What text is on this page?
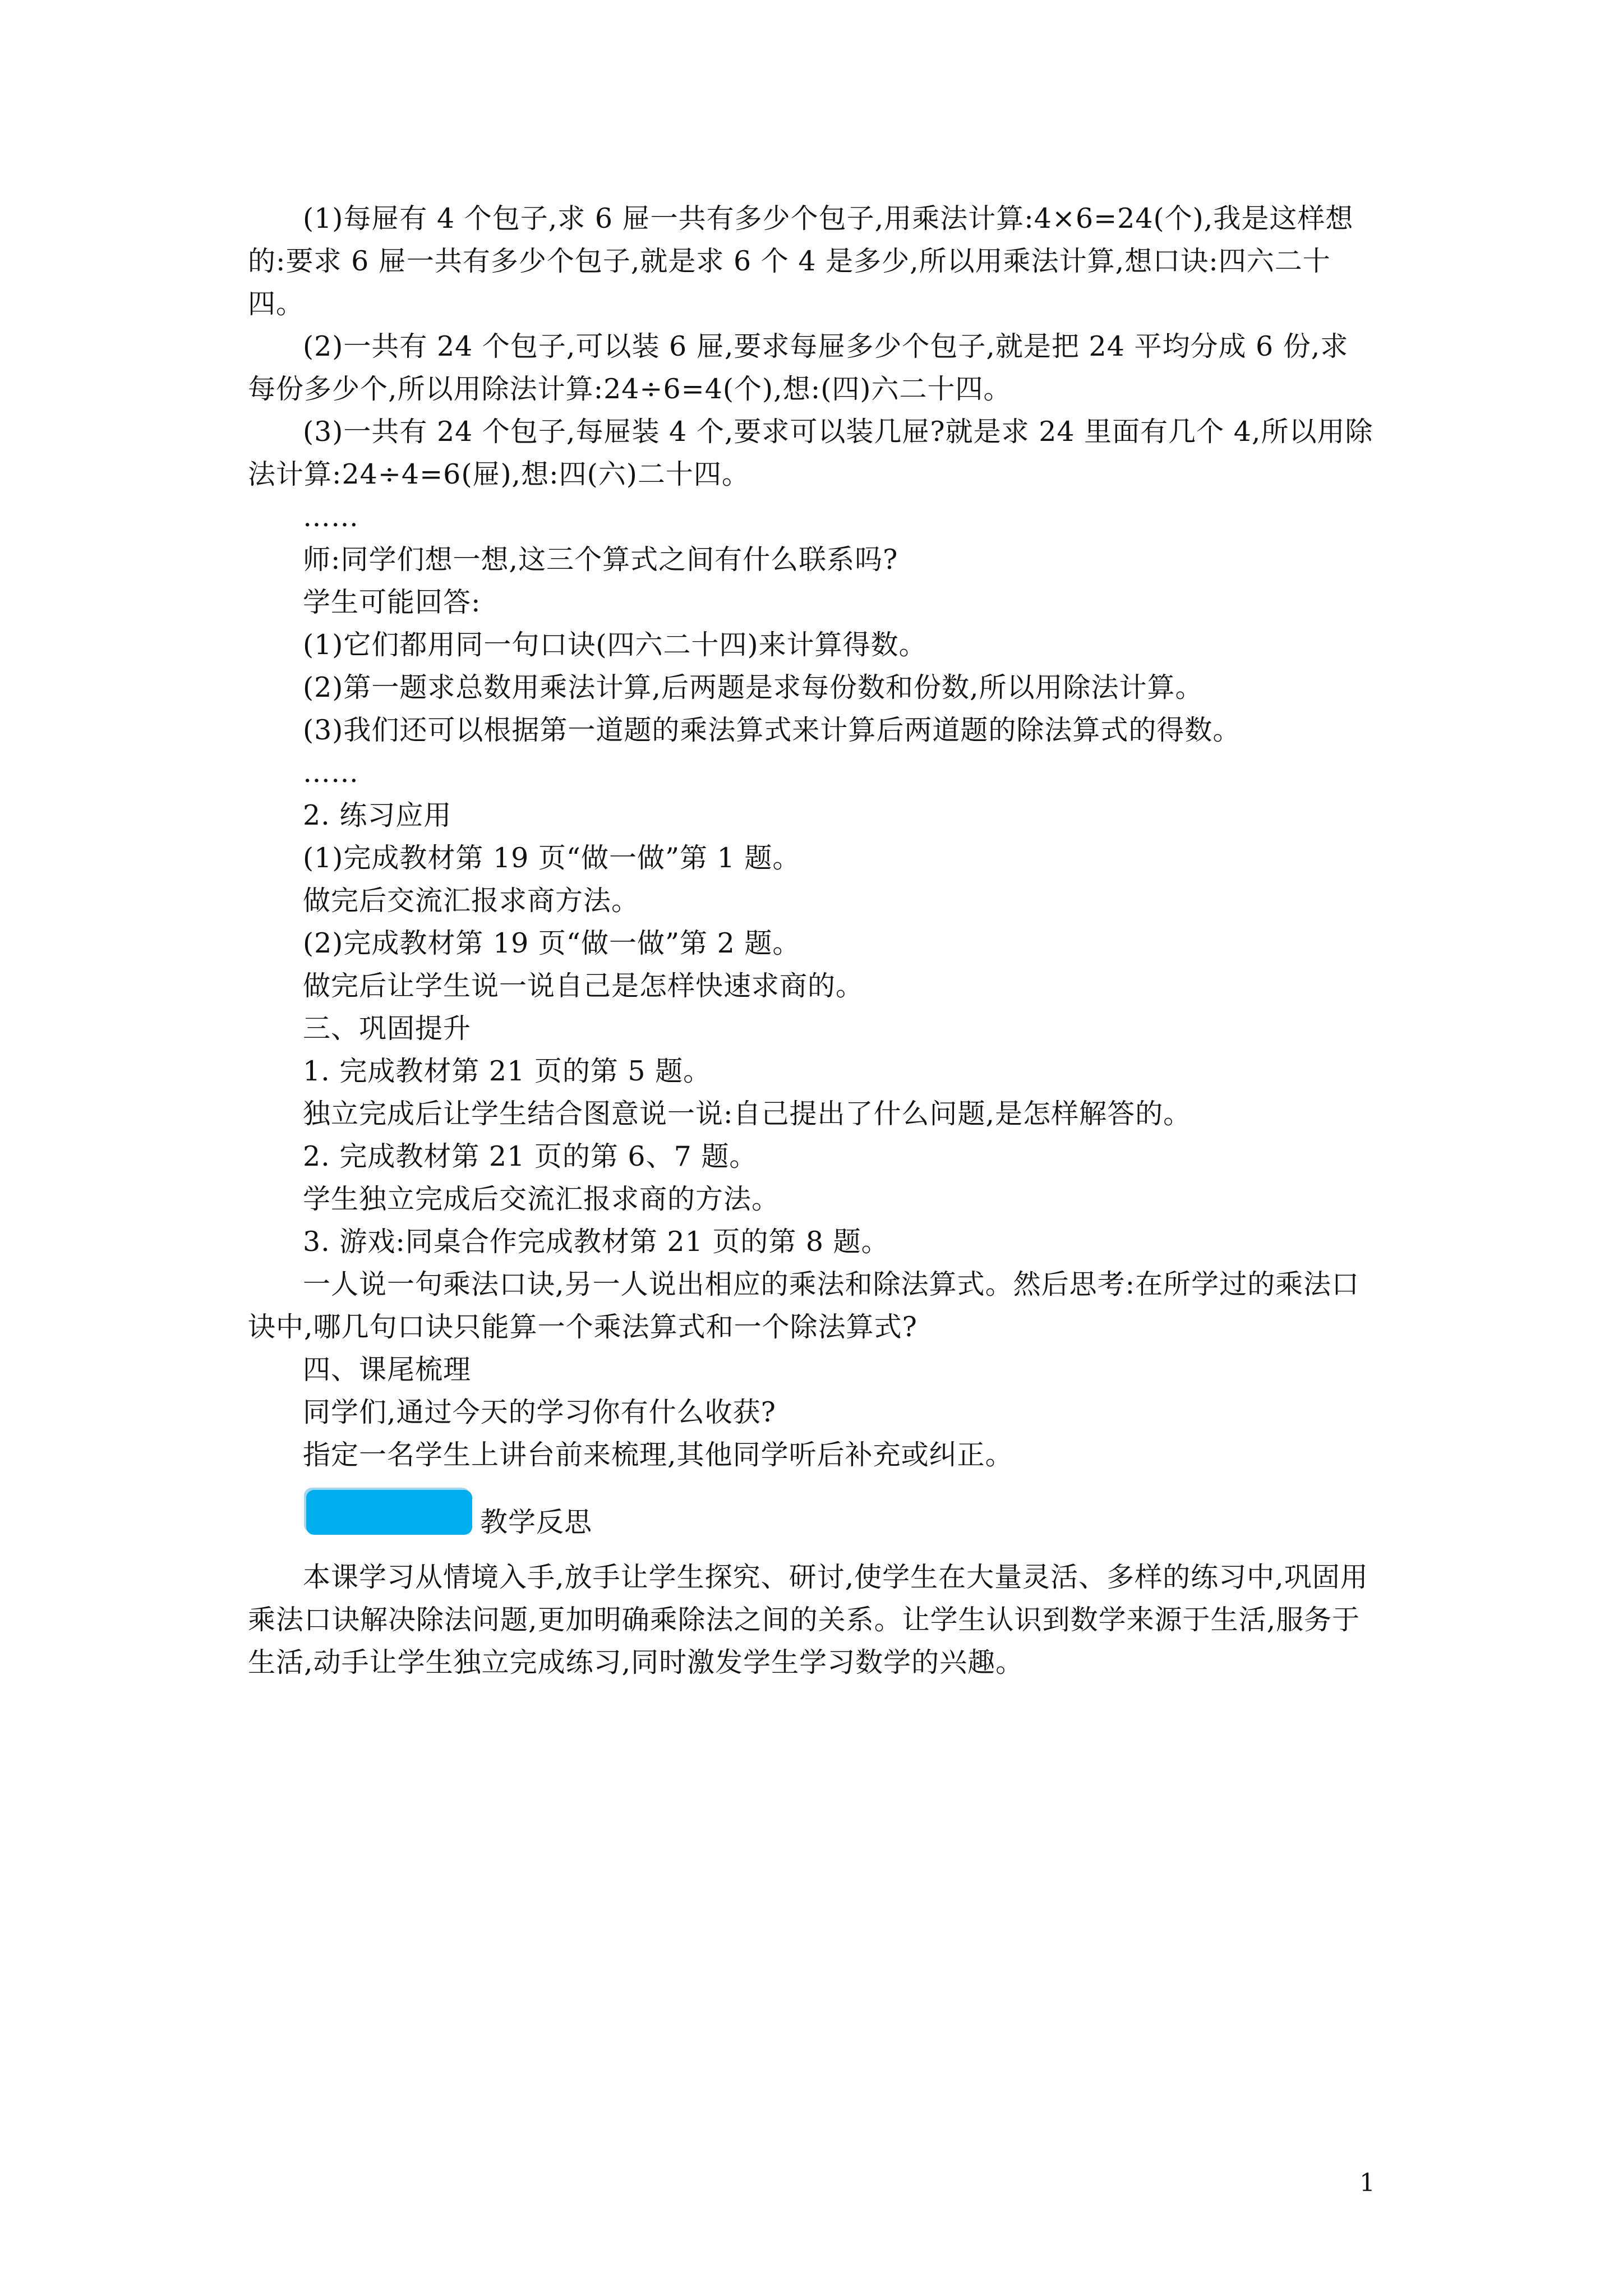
(1)每屉有 4 个包子,求 6 屉一共有多少个包子,用乘法计算:4×6=24(个),我是这样想的:要求 6 屉一共有多少个包子,就是求 6 个 4 是多少,所以用乘法计算,想口诀:四六二十四。

(2)一共有 24 个包子,可以装 6 屉,要求每屉多少个包子,就是把 24 平均分成 6 份,求每份多少个,所以用除法计算:24÷6=4(个),想:(四)六二十四。

(3)一共有 24 个包子,每屉装 4 个,要求可以装几屉?就是求 24 里面有几个 4,所以用除法计算:24÷4=6(屉),想:四(六)二十四。

……

师:同学们想一想,这三个算式之间有什么联系吗?

学生可能回答:

(1)它们都用同一句口诀(四六二十四)来计算得数。

(2)第一题求总数用乘法计算,后两题是求每份数和份数,所以用除法计算。

(3)我们还可以根据第一道题的乘法算式来计算后两道题的除法算式的得数。

……

2. 练习应用

(1)完成教材第 19 页“做一做”第 1 题。

做完后交流汇报求商方法。

(2)完成教材第 19 页“做一做”第 2 题。

做完后让学生说一说自己是怎样快速求商的。

三、巩固提升

1. 完成教材第 21 页的第 5 题。

独立完成后让学生结合图意说一说:自己提出了什么问题,是怎样解答的。

2. 完成教材第 21 页的第 6、7 题。

学生独立完成后交流汇报求商的方法。

3. 游戏:同桌合作完成教材第 21 页的第 8 题。

一人说一句乘法口诀,另一人说出相应的乘法和除法算式。然后思考:在所学过的乘法口诀中,哪几句口诀只能算一个乘法算式和一个除法算式?

四、课尾梳理

同学们,通过今天的学习你有什么收获?

指定一名学生上讲台前来梳理,其他同学听后补充或纠正。

教学反思

本课学习从情境入手,放手让学生探究、研讨,使学生在大量灵活、多样的练习中,巩固用乘法口诀解决除法问题,更加明确乘除法之间的关系。让学生认识到数学来源于生活,服务于生活,动手让学生独立完成练习,同时激发学生学习数学的兴趣。

1
